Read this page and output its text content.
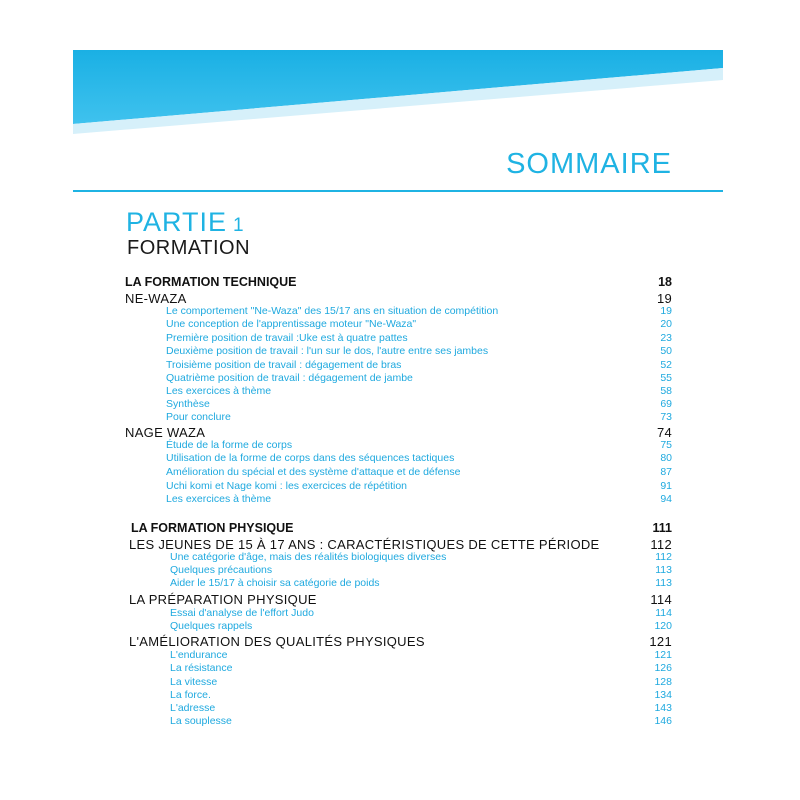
SOMMAIRE
PARTIE 1
FORMATION
LA FORMATION TECHNIQUE	18
NE-WAZA	19
Le comportement "Ne-Waza" des 15/17 ans en situation de compétition	19
Une conception de l'apprentissage moteur "Ne-Waza"	20
Première position de travail :Uke est à quatre pattes	23
Deuxième position de travail : l'un sur le dos, l'autre entre ses jambes	50
Troisième position de travail : dégagement de bras	52
Quatrième position de travail : dégagement de jambe	55
Les exercices à thème	58
Synthèse	69
Pour conclure	73
NAGE WAZA	74
Étude de la forme de corps	75
Utilisation de la forme de corps dans des séquences tactiques	80
Amélioration du spécial et des système d'attaque et de défense	87
Uchi komi et Nage komi : les exercices de répétition	91
Les exercices à thème	94
LA FORMATION PHYSIQUE	111
LES JEUNES DE 15 À 17 ANS : CARACTÉRISTIQUES DE CETTE PÉRIODE	112
Une catégorie d'âge, mais des réalités biologiques diverses	112
Quelques précautions	113
Aider le 15/17 à choisir sa catégorie de poids	113
LA PRÉPARATION PHYSIQUE	114
Essai d'analyse de l'effort Judo	114
Quelques rappels	120
L'AMÉLIORATION DES QUALITÉS PHYSIQUES	121
L'endurance	121
La résistance	126
La vitesse	128
La force.	134
L'adresse	143
La souplesse	146
